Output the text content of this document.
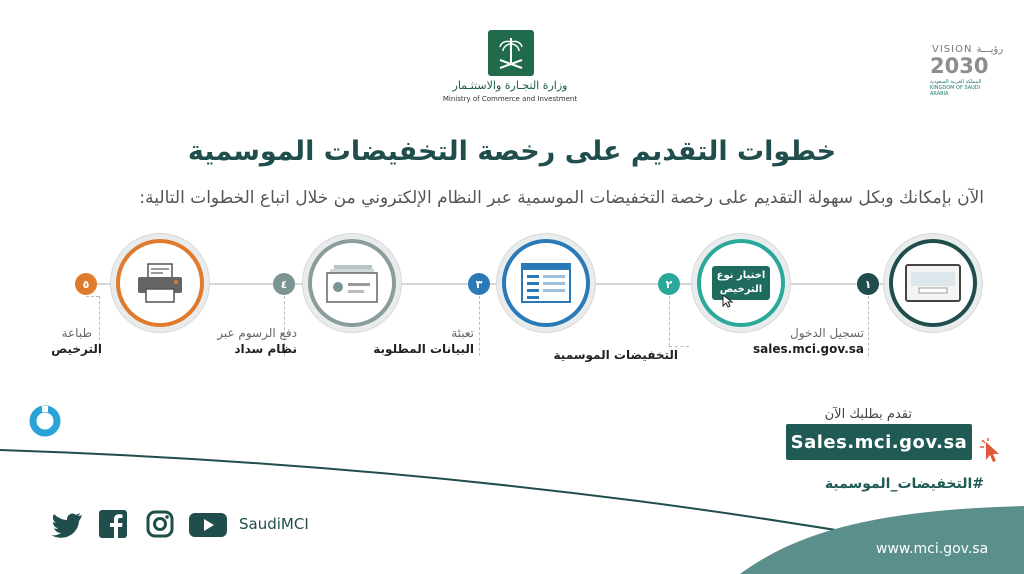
وزارة التجـارة والاستثـمار
Ministry of Commerce and Investment
VISION رؤيـــة
2030
المملكة العربية السعودية KINGDOM OF SAUDI ARABIA
خطوات التقديم على رخصة التخفيضات الموسمية
الآن بإمكانك وبكل سهولة التقديم على رخصة التخفيضات الموسمية عبر النظام الإلكتروني من خلال اتباع الخطوات التالية:
١
تسجيل الدخول
sales.mci.gov.sa
اختيار نوع الترخيص
٢
٣
التخفيضات الموسمية
٤
تعبئة
البيانات المطلوبة
دفع الرسوم عبر
نظام سداد
٥
طباعة
الترخيص
تقدم بطلبك الآن
Sales.mci.gov.sa
#التخفيضات_الموسمية
SaudiMCI
www.mci.gov.sa
